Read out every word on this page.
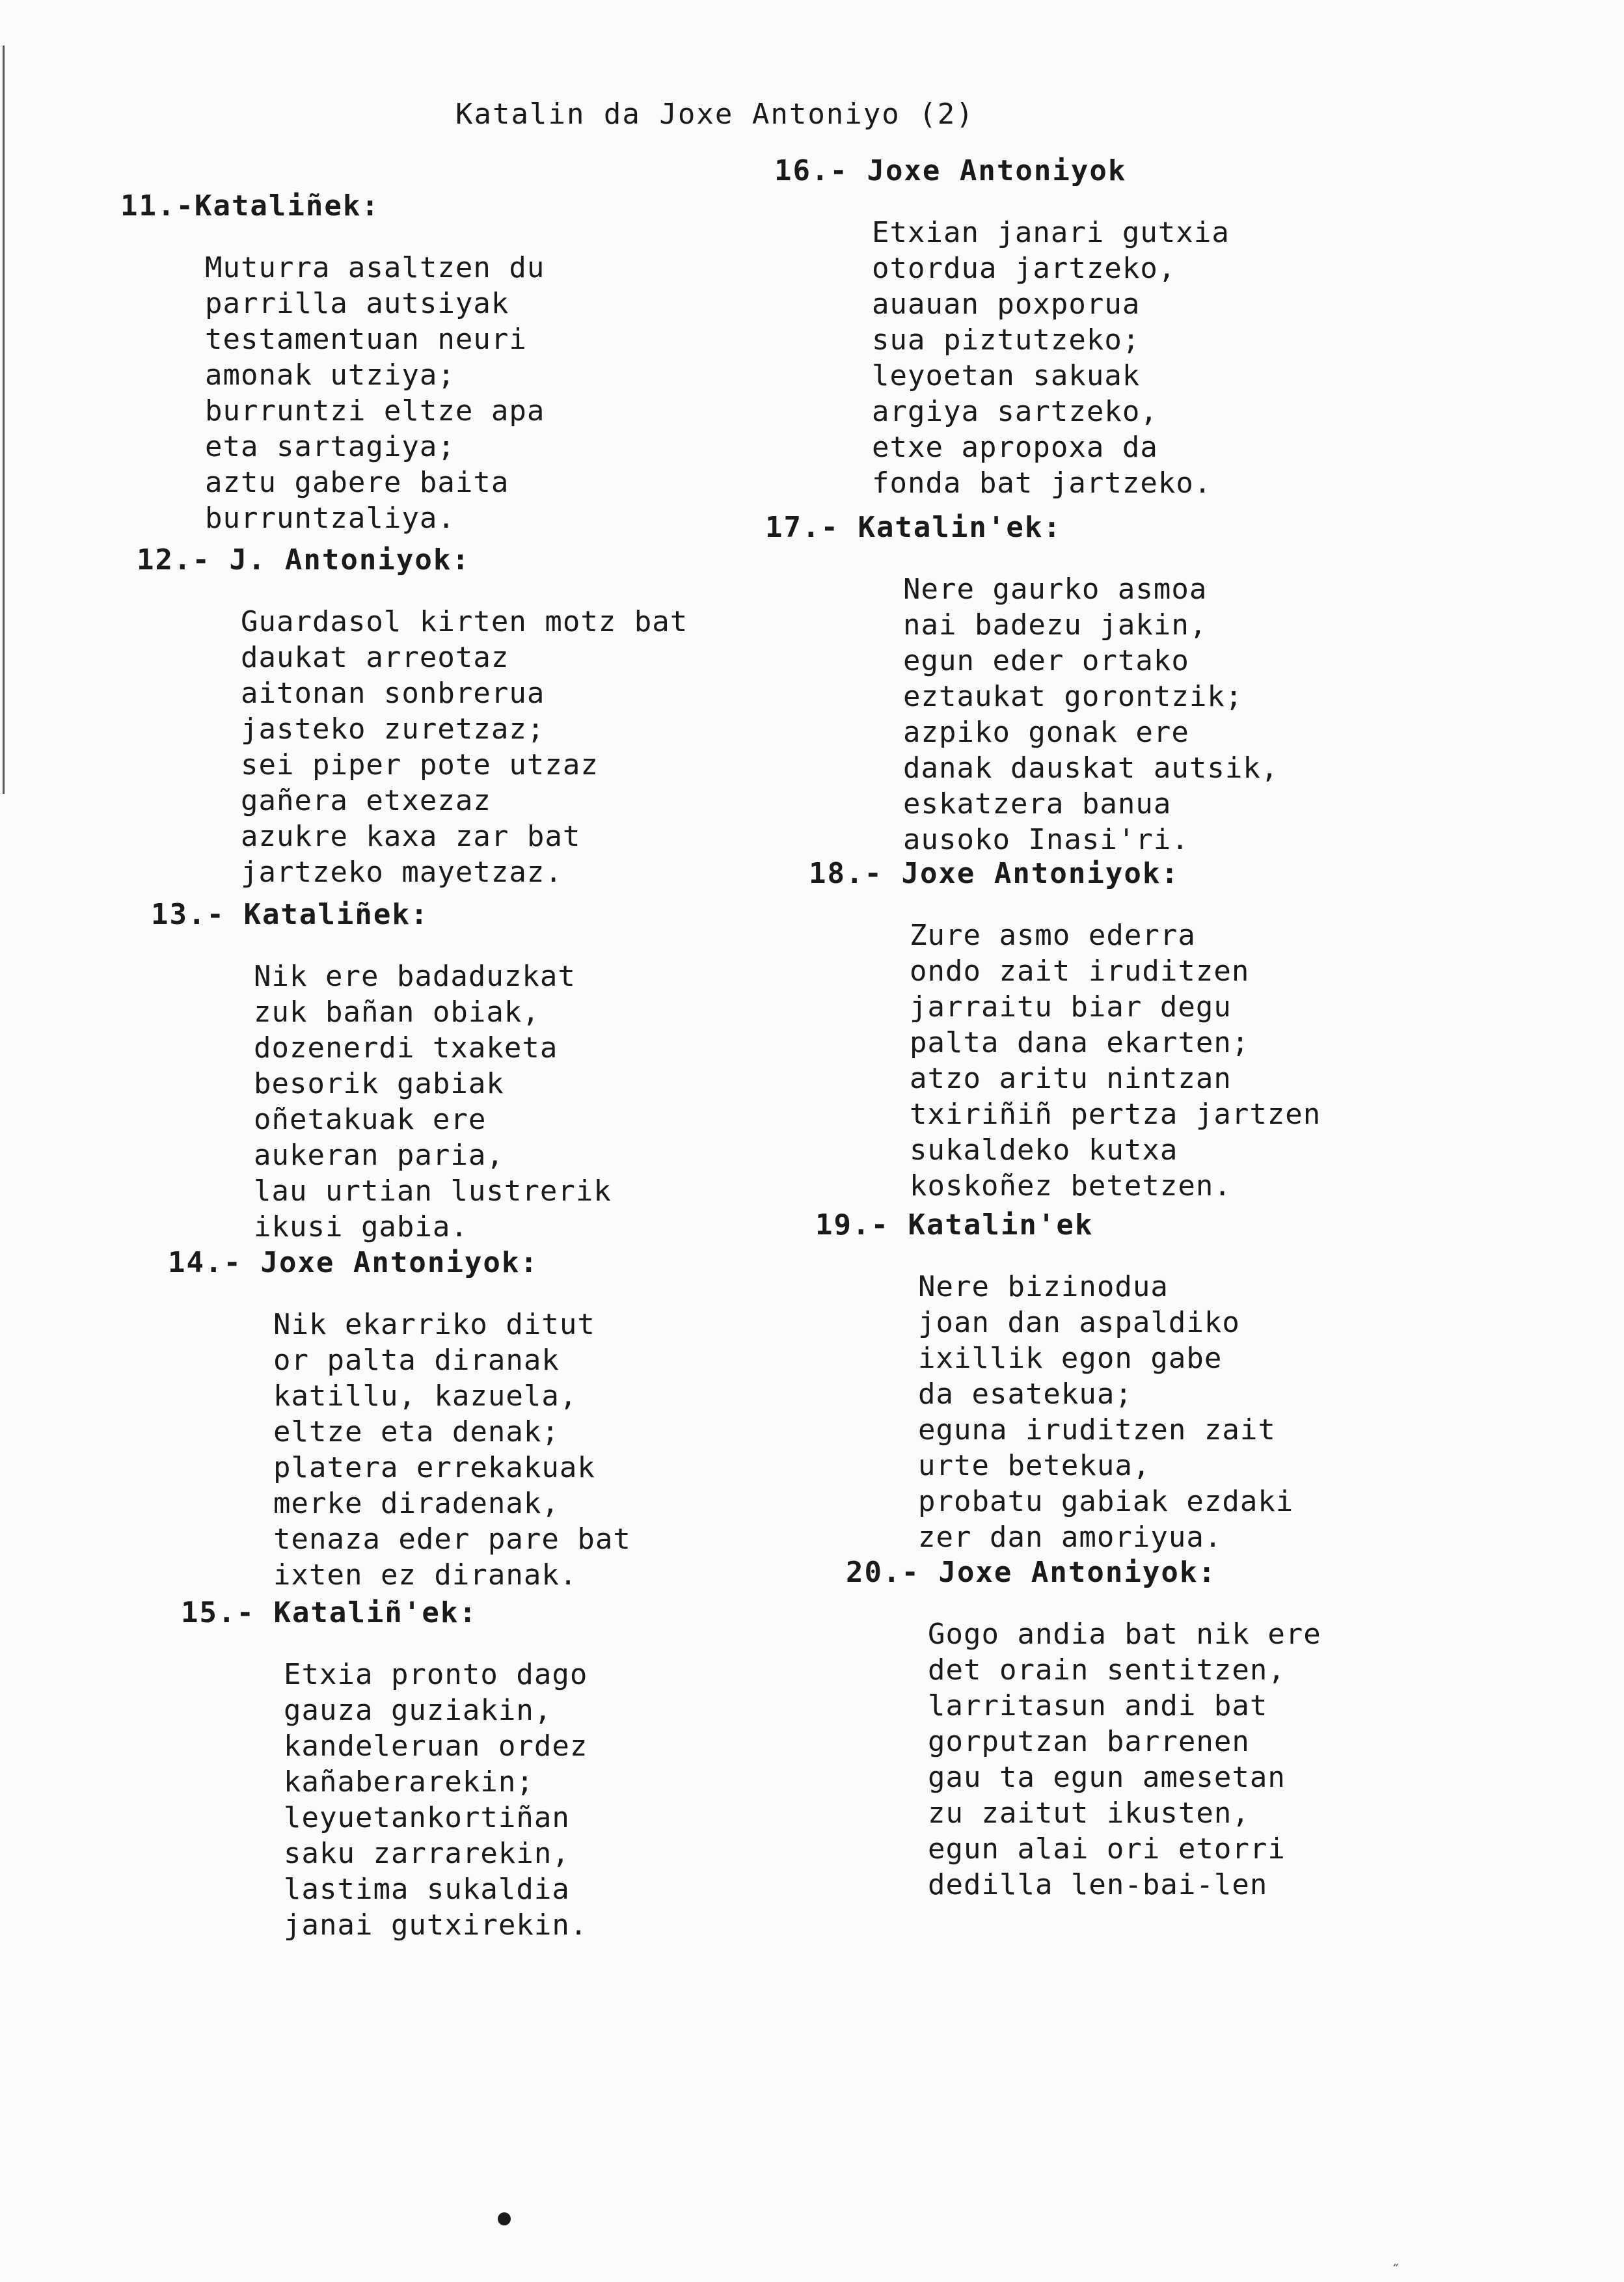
Katalin da Joxe Antoniyo (2)
11.-Kataliñek:
Muturra asaltzen du
parrilla autsiyak
testamentuan neuri
amonak utziya;
burruntzi eltze apa
eta sartagiya;
aztu gabere baita
burruntzaliya.
12.- J. Antoniyok:
Guardasol kirten motz bat
daukat arreotaz
aitonan sonbrerua
jasteko zuretzaz;
sei piper pote utzaz
gañera etxezaz
azukre kaxa zar bat
jartzeko mayetzaz.
13.- Kataliñek:
Nik ere badaduzkat
zuk bañan obiak,
dozenerdi txaketa
besorik gabiak
oñetakuak ere
aukeran paria,
lau urtian lustrerik
ikusi gabia.
14.- Joxe Antoniyok:
Nik ekarriko ditut
or palta diranak
katillu, kazuela,
eltze eta denak;
platera errekakuak
merke diradenak,
tenaza eder pare bat
ixten ez diranak.
15.- Kataliñ'ek:
Etxia pronto dago
gauza guziakin,
kandeleruan ordez
kañaberarekin;
leyuetankortiñan
saku zarrarekin,
lastima sukaldia
janai gutxirekin.
16.- Joxe Antoniyok
Etxian janari gutxia
otordua jartzeko,
auauan poxporua
sua piztutzeko;
leyoetan sakuak
argiya sartzeko,
etxe apropoxa da
fonda bat jartzeko.
17.- Katalin'ek:
Nere gaurko asmoa
nai badezu jakin,
egun eder ortako
eztaukat gorontzik;
azpiko gonak ere
danak dauskat autsik,
eskatzera banua
ausoko Inasi'ri.
18.- Joxe Antoniyok:
Zure asmo ederra
ondo zait iruditzen
jarraitu biar degu
palta dana ekarten;
atzo aritu nintzan
txiriñiñ pertza jartzen
sukaldeko kutxa
koskoñez betetzen.
19.- Katalin'ek
Nere bizinodua
joan dan aspaldiko
ixillik egon gabe
da esatekua;
eguna iruditzen zait
urte betekua,
probatu gabiak ezdaki
zer dan amoriyua.
20.- Joxe Antoniyok:
Gogo andia bat nik ere
det orain sentitzen,
larritasun andi bat
gorputzan barrenen
gau ta egun amesetan
zu zaitut ikusten,
egun alai ori etorri
dedilla len-bai-len
˝
